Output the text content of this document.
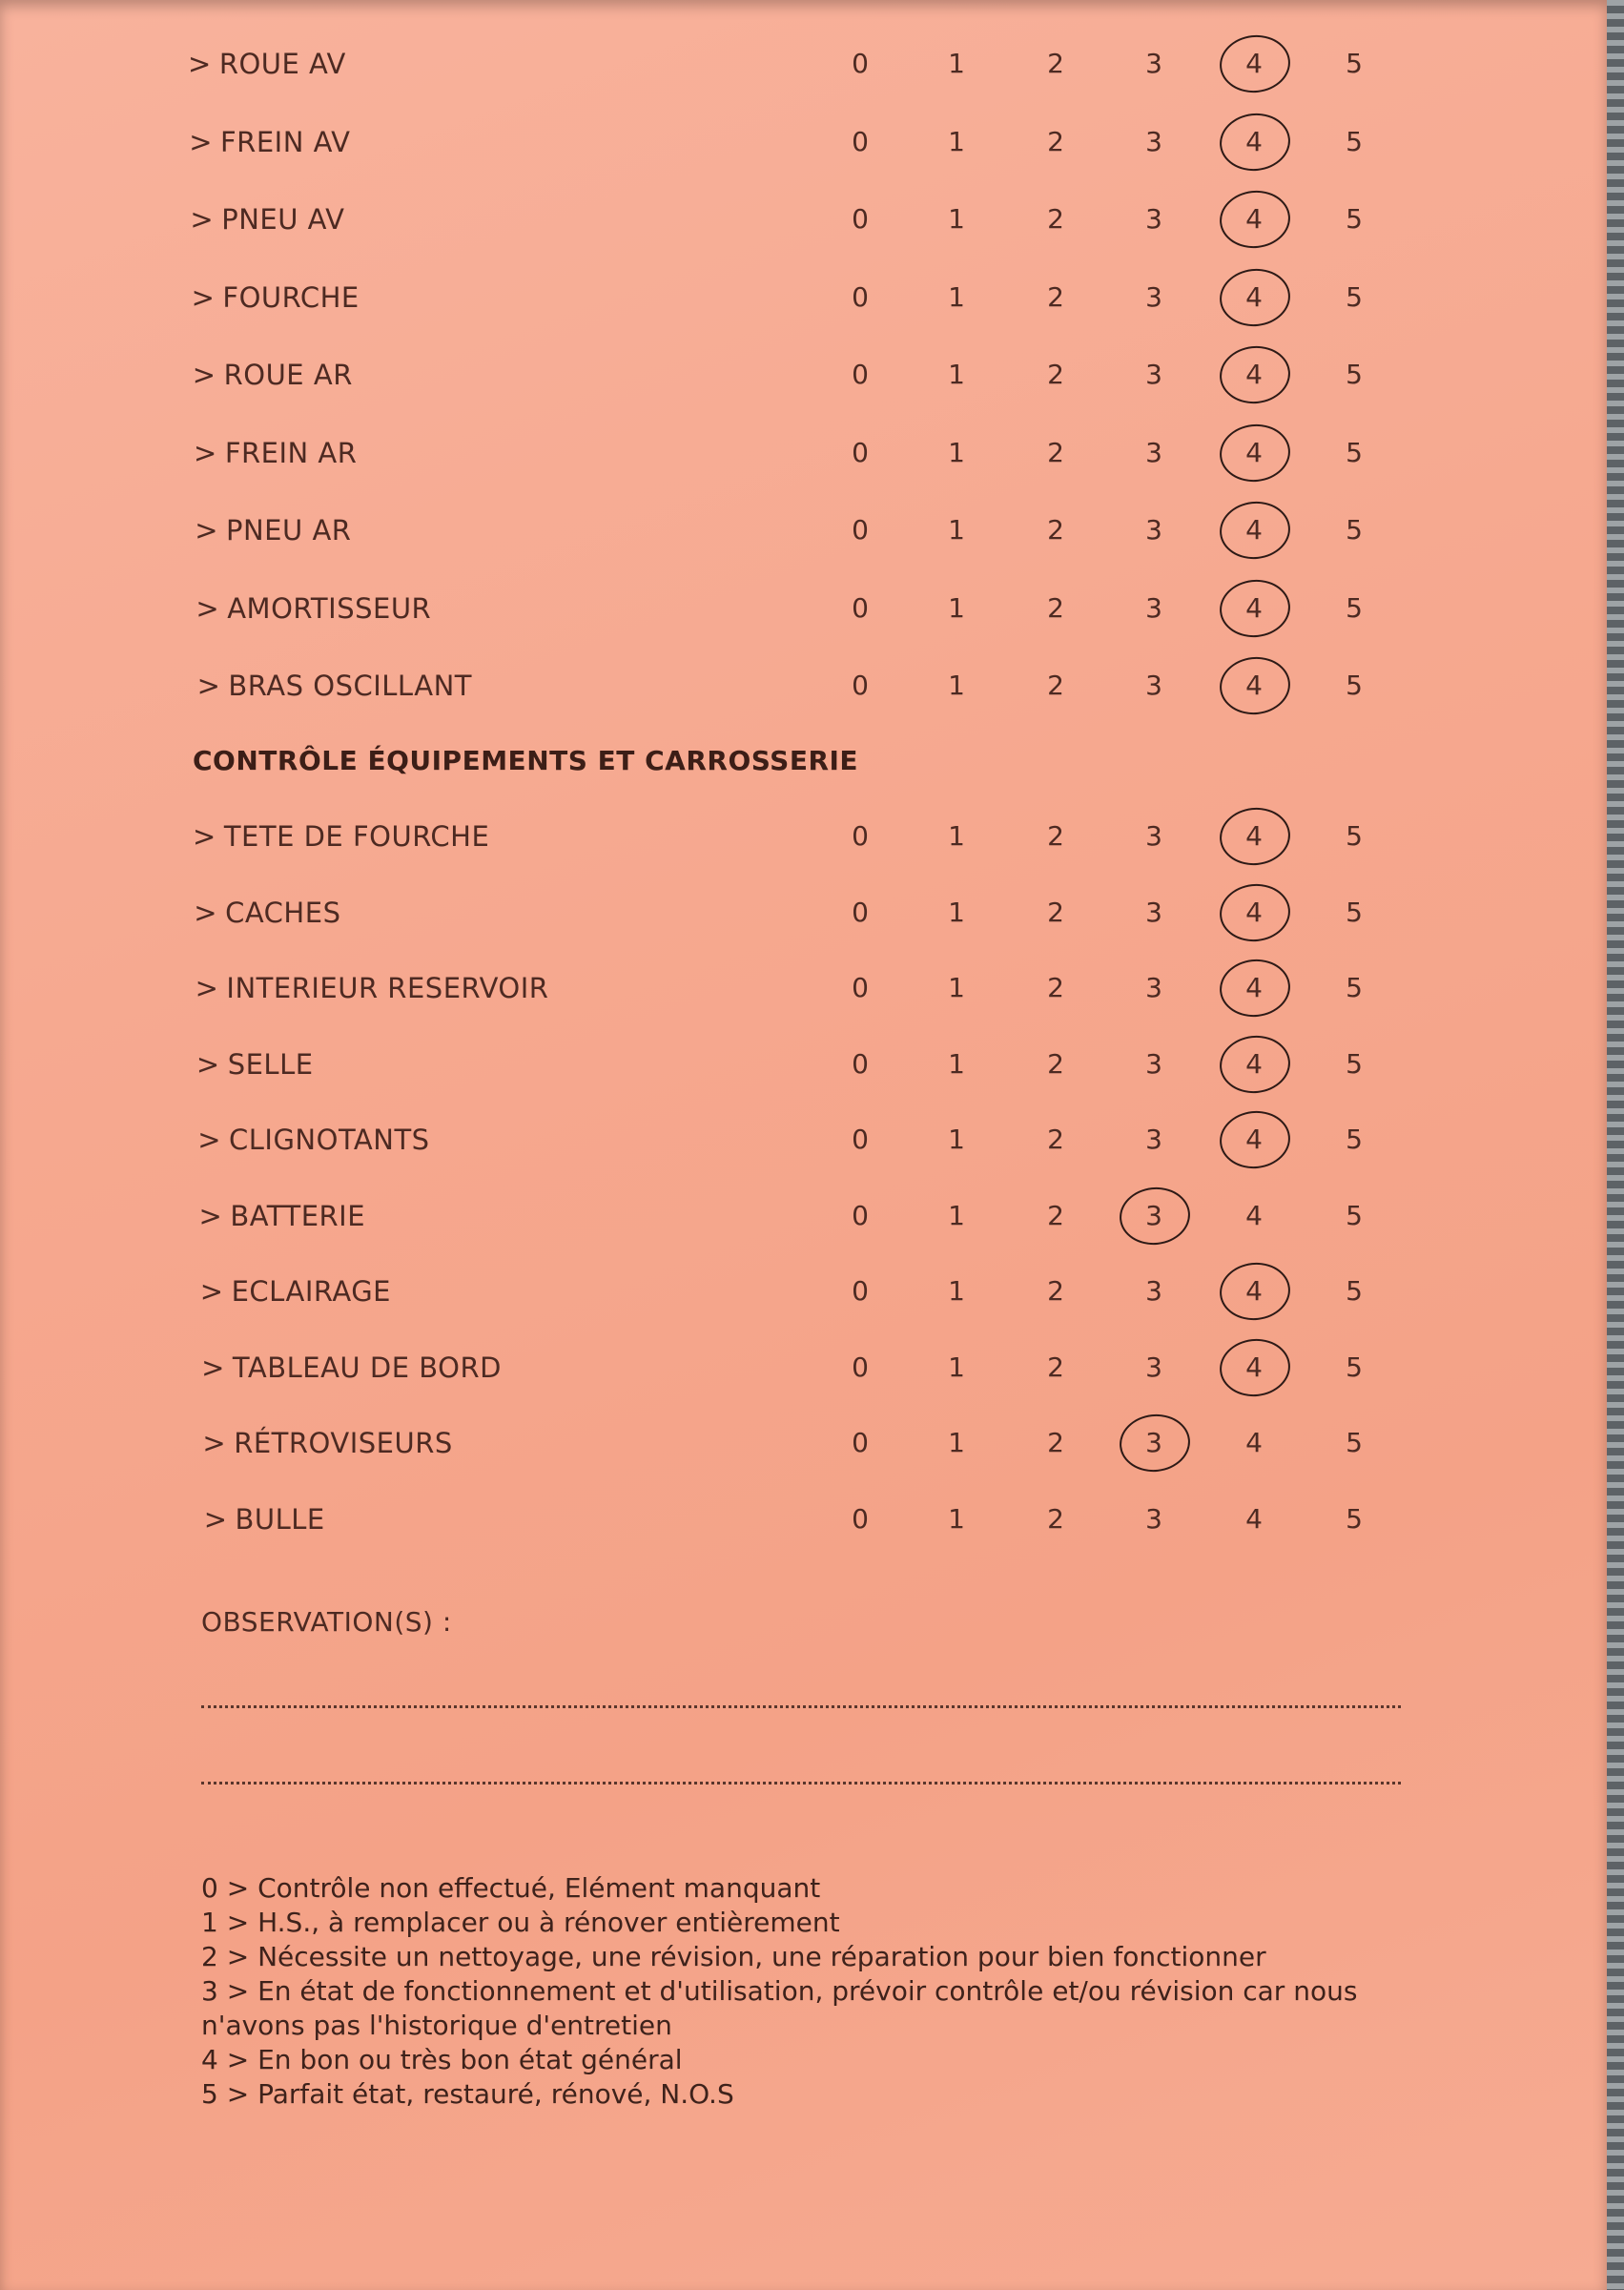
> ROUE AV	0	1	2	3	4	5
> FREIN AV	0	1	2	3	4	5
> PNEU AV	0	1	2	3	4	5
> FOURCHE	0	1	2	3	4	5
> ROUE AR	0	1	2	3	4	5
> FREIN AR	0	1	2	3	4	5
> PNEU AR	0	1	2	3	4	5
> AMORTISSEUR	0	1	2	3	4	5
> BRAS OSCILLANT	0	1	2	3	4	5
> TETE DE FOURCHE	0	1	2	3	4	5
> CACHES	0	1	2	3	4	5
> INTERIEUR RESERVOIR	0	1	2	3	4	5
> SELLE	0	1	2	3	4	5
> CLIGNOTANTS	0	1	2	3	4	5
> BATTERIE	0	1	2	3	4	5
> ECLAIRAGE	0	1	2	3	4	5
> TABLEAU DE BORD	0	1	2	3	4	5
> RÉTROVISEURS	0	1	2	3	4	5
> BULLE	0	1	2	3	4	5
CONTRÔLE ÉQUIPEMENTS ET CARROSSERIE
OBSERVATION(S) :
0 > Contrôle non effectué, Elément manquant
1 > H.S., à remplacer ou à rénover entièrement
2 > Nécessite un nettoyage, une révision, une réparation pour bien fonctionner
3 > En état de fonctionnement et d'utilisation, prévoir contrôle et/ou révision car nous
n'avons pas l'historique d'entretien
4 > En bon ou très bon état général
5 > Parfait état, restauré, rénové, N.O.S
